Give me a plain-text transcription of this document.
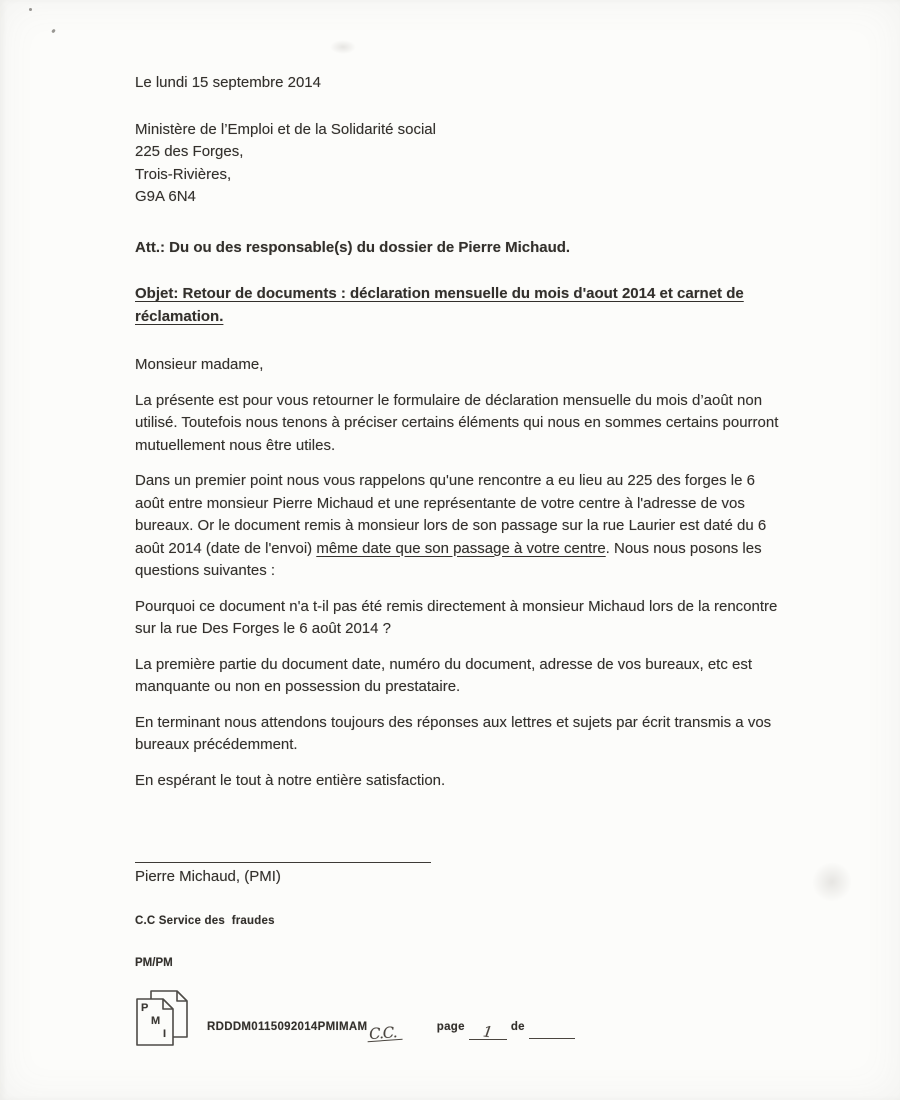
Le lundi 15 septembre 2014

Ministère de l’Emploi et de la Solidarité social

225 des Forges,

Trois-Rivières,

G9A 6N4

Att.: Du ou des responsable(s) du dossier de Pierre Michaud.

Objet: Retour de documents : déclaration mensuelle du mois d'aout 2014 et carnet de réclamation.

Monsieur madame,

La présente est pour vous retourner le formulaire de déclaration mensuelle du mois d’août non utilisé. Toutefois nous tenons à préciser certains éléments qui nous en sommes certains pourront mutuellement nous être utiles.

Dans un premier point nous vous rappelons qu'une rencontre a eu lieu au 225 des forges le 6 août entre monsieur Pierre Michaud et une représentante de votre centre à l'adresse de vos bureaux. Or le document remis à monsieur lors de son passage sur la rue Laurier est daté du 6 août 2014 (date de l'envoi) même date que son passage à votre centre. Nous nous posons les questions suivantes :

Pourquoi ce document n'a t-il pas été remis directement à monsieur Michaud lors de la rencontre sur la rue Des Forges le 6 août 2014 ?

La première partie du document date, numéro du document, adresse de vos bureaux, etc est manquante ou non en possession du prestataire.

En terminant nous attendons toujours des réponses aux lettres et sujets par écrit transmis a vos bureaux précédemment.

En espérant le tout à notre entière satisfaction.

Pierre Michaud, (PMI)

C.C Service des  fraudes

PM/PM

P
M
I
RDDDM0115092014PMIMAM C.C.	page	1	de
